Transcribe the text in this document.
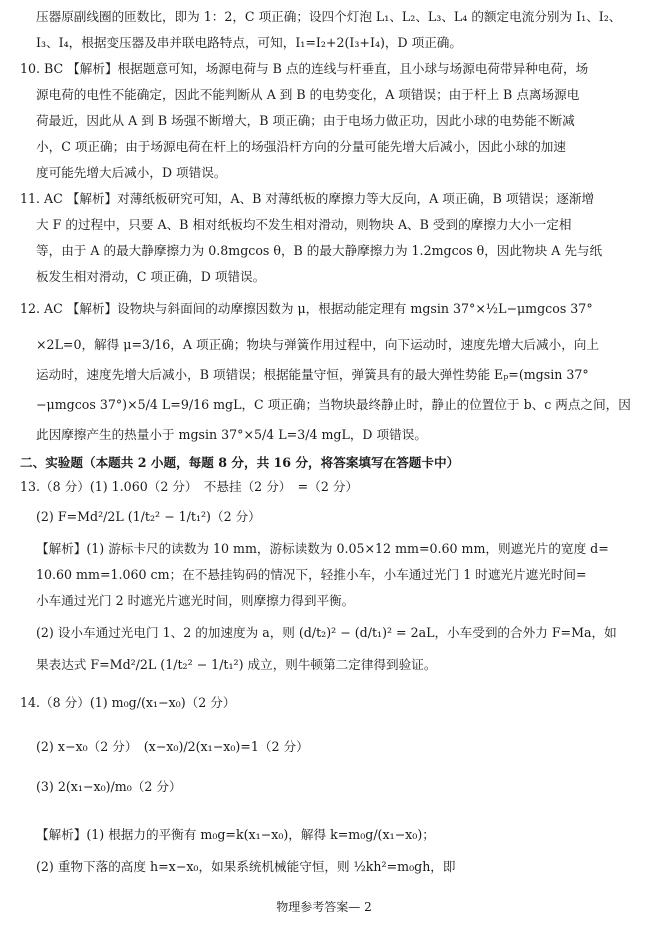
压器原副线圈的匝数比，即为 1：2，C 项正确；设四个灯泡 L₁、L₂、L₃、L₄ 的额定电流分别为 I₁、I₂、
I₃、I₄，根据变压器及串并联电路特点，可知，I₁=I₂+2(I₃+I₄)，D 项正确。
10. BC 【解析】根据题意可知，场源电荷与 B 点的连线与杆垂直，且小球与场源电荷带异种电荷，场
源电荷的电性不能确定，因此不能判断从 A 到 B 的电势变化，A 项错误；由于杆上 B 点离场源电
荷最近，因此从 A 到 B 场强不断增大，B 项正确；由于电场力做正功，因此小球的电势能不断减
小，C 项正确；由于场源电荷在杆上的场强沿杆方向的分量可能先增大后减小，因此小球的加速
度可能先增大后减小，D 项错误。
11. AC 【解析】对薄纸板研究可知，A、B 对薄纸板的摩擦力等大反向，A 项正确，B 项错误；逐渐增
大 F 的过程中，只要 A、B 相对纸板均不发生相对滑动，则物块 A、B 受到的摩擦力大小一定相
等，由于 A 的最大静摩擦力为 0.8mgcos θ，B 的最大静摩擦力为 1.2mgcos θ，因此物块 A 先与纸
板发生相对滑动，C 项正确，D 项错误。
12. AC 【解析】设物块与斜面间的动摩擦因数为 μ，根据动能定理有 mgsin 37°×½L−μmgcos 37°
×2L=0，解得 μ=3/16，A 项正确；物块与弹簧作用过程中，向下运动时，速度先增大后减小，向上
运动时，速度先增大后减小，B 项错误；根据能量守恒，弹簧具有的最大弹性势能 Eₚ=(mgsin 37°
−μmgcos 37°)×5/4 L=9/16 mgL，C 项正确；当物块最终静止时，静止的位置位于 b、c 两点之间，因
此因摩擦产生的热量小于 mgsin 37°×5/4 L=3/4 mgL，D 项错误。
二、实验题（本题共 2 小题，每题 8 分，共 16 分，将答案填写在答题卡中）
13.（8 分）(1) 1.060（2 分）　不悬挂（2 分）　=（2 分）
(2) F=Md²/2L (1/t₂² − 1/t₁²)（2 分）
【解析】(1) 游标卡尺的读数为 10 mm，游标读数为 0.05×12 mm=0.60 mm，则遮光片的宽度 d=
10.60 mm=1.060 cm；在不悬挂钩码的情况下，轻推小车，小车通过光门 1 时遮光片遮光时间=
小车通过光门 2 时遮光片遮光时间，则摩擦力得到平衡。
(2) 设小车通过光电门 1、2 的加速度为 a，则 (d/t₂)² − (d/t₁)² = 2aL，小车受到的合外力 F=Ma，如
果表达式 F=Md²/2L (1/t₂² − 1/t₁²) 成立，则牛顿第二定律得到验证。
14.（8 分）(1) m₀g/(x₁−x₀)（2 分）
(2) x−x₀（2 分）　(x−x₀)/2(x₁−x₀)=1（2 分）
(3) 2(x₁−x₀)/m₀（2 分）
【解析】(1) 根据力的平衡有 m₀g=k(x₁−x₀)，解得 k=m₀g/(x₁−x₀)；
(2) 重物下落的高度 h=x−x₀，如果系统机械能守恒，则 ½kh²=m₀gh，即
物理参考答案— 2
